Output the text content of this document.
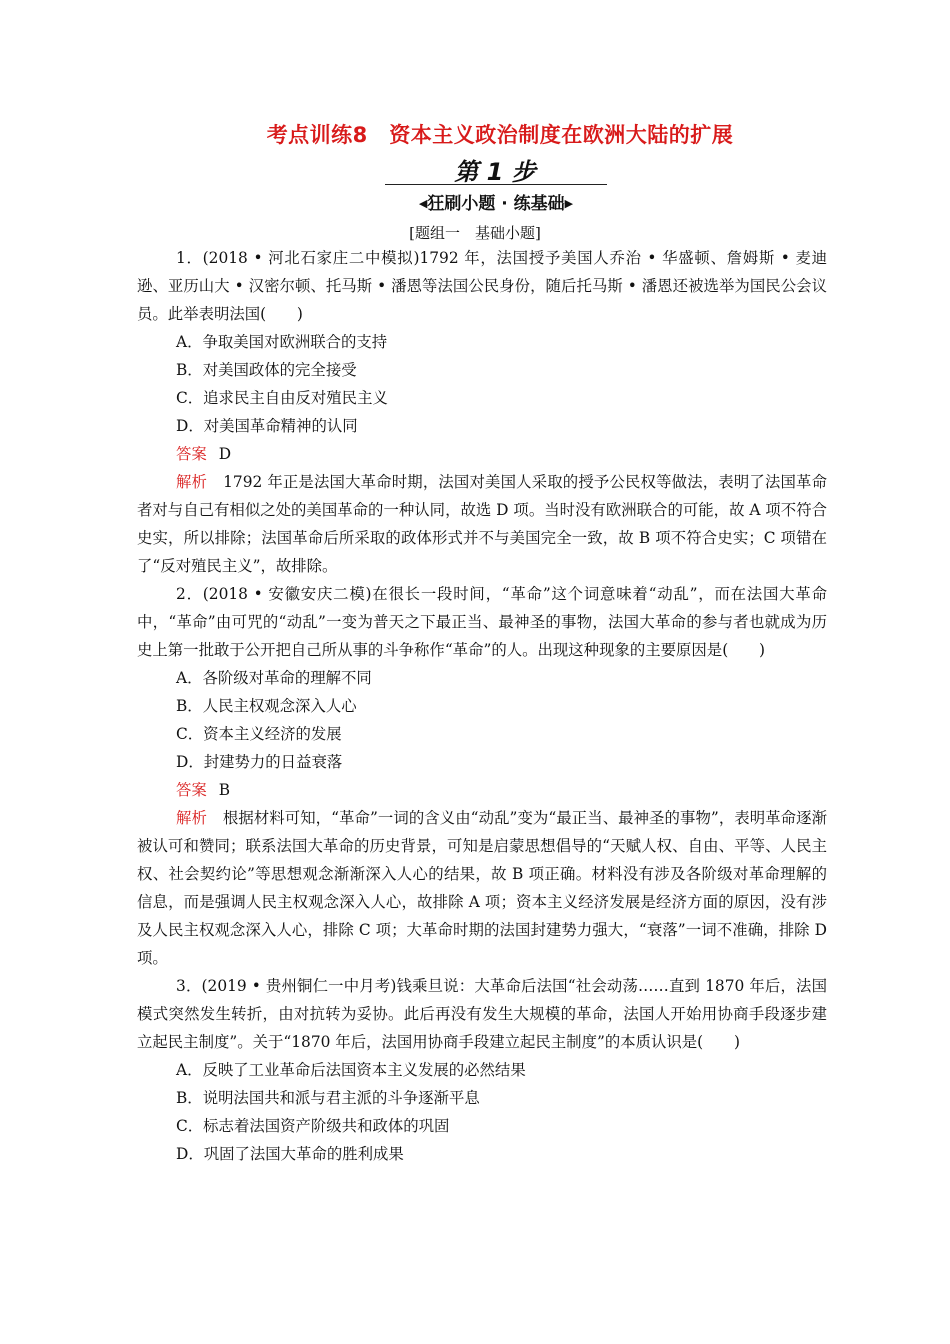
考点训练8　资本主义政治制度在欧洲大陆的扩展
第 1 步
◀狂刷小题 · 练基础▶
[题组一　基础小题]

1．(2018 • 河北石家庄二中模拟)1792 年，法国授予美国人乔治 • 华盛顿、詹姆斯 • 麦迪逊、亚历山大 • 汉密尔顿、托马斯 • 潘恩等法国公民身份，随后托马斯 • 潘恩还被选举为国民公会议员。此举表明法国(　　)

A．争取美国对欧洲联合的支持

B．对美国政体的完全接受

C．追求民主自由反对殖民主义

D．对美国革命精神的认同

答案 D

解析 1792 年正是法国大革命时期，法国对美国人采取的授予公民权等做法，表明了法国革命者对与自己有相似之处的美国革命的一种认同，故选 D 项。当时没有欧洲联合的可能，故 A 项不符合史实，所以排除；法国革命后所采取的政体形式并不与美国完全一致，故 B 项不符合史实；C 项错在了“反对殖民主义”，故排除。

2．(2018 • 安徽安庆二模)在很长一段时间，“革命”这个词意味着“动乱”，而在法国大革命中，“革命”由可咒的“动乱”一变为普天之下最正当、最神圣的事物，法国大革命的参与者也就成为历史上第一批敢于公开把自己所从事的斗争称作“革命”的人。出现这种现象的主要原因是(　　)

A．各阶级对革命的理解不同

B．人民主权观念深入人心

C．资本主义经济的发展

D．封建势力的日益衰落

答案 B

解析 根据材料可知，“革命”一词的含义由“动乱”变为“最正当、最神圣的事物”，表明革命逐渐被认可和赞同；联系法国大革命的历史背景，可知是启蒙思想倡导的“天赋人权、自由、平等、人民主权、社会契约论”等思想观念渐渐深入人心的结果，故 B 项正确。材料没有涉及各阶级对革命理解的信息，而是强调人民主权观念深入人心，故排除 A 项；资本主义经济发展是经济方面的原因，没有涉及人民主权观念深入人心，排除 C 项；大革命时期的法国封建势力强大，“衰落”一词不准确，排除 D 项。

3．(2019 • 贵州铜仁一中月考)钱乘旦说：大革命后法国“社会动荡……直到 1870 年后，法国模式突然发生转折，由对抗转为妥协。此后再没有发生大规模的革命，法国人开始用协商手段逐步建立起民主制度”。关于“1870 年后，法国用协商手段建立起民主制度”的本质认识是(　　)

A．反映了工业革命后法国资本主义发展的必然结果

B．说明法国共和派与君主派的斗争逐渐平息

C．标志着法国资产阶级共和政体的巩固

D．巩固了法国大革命的胜利成果
